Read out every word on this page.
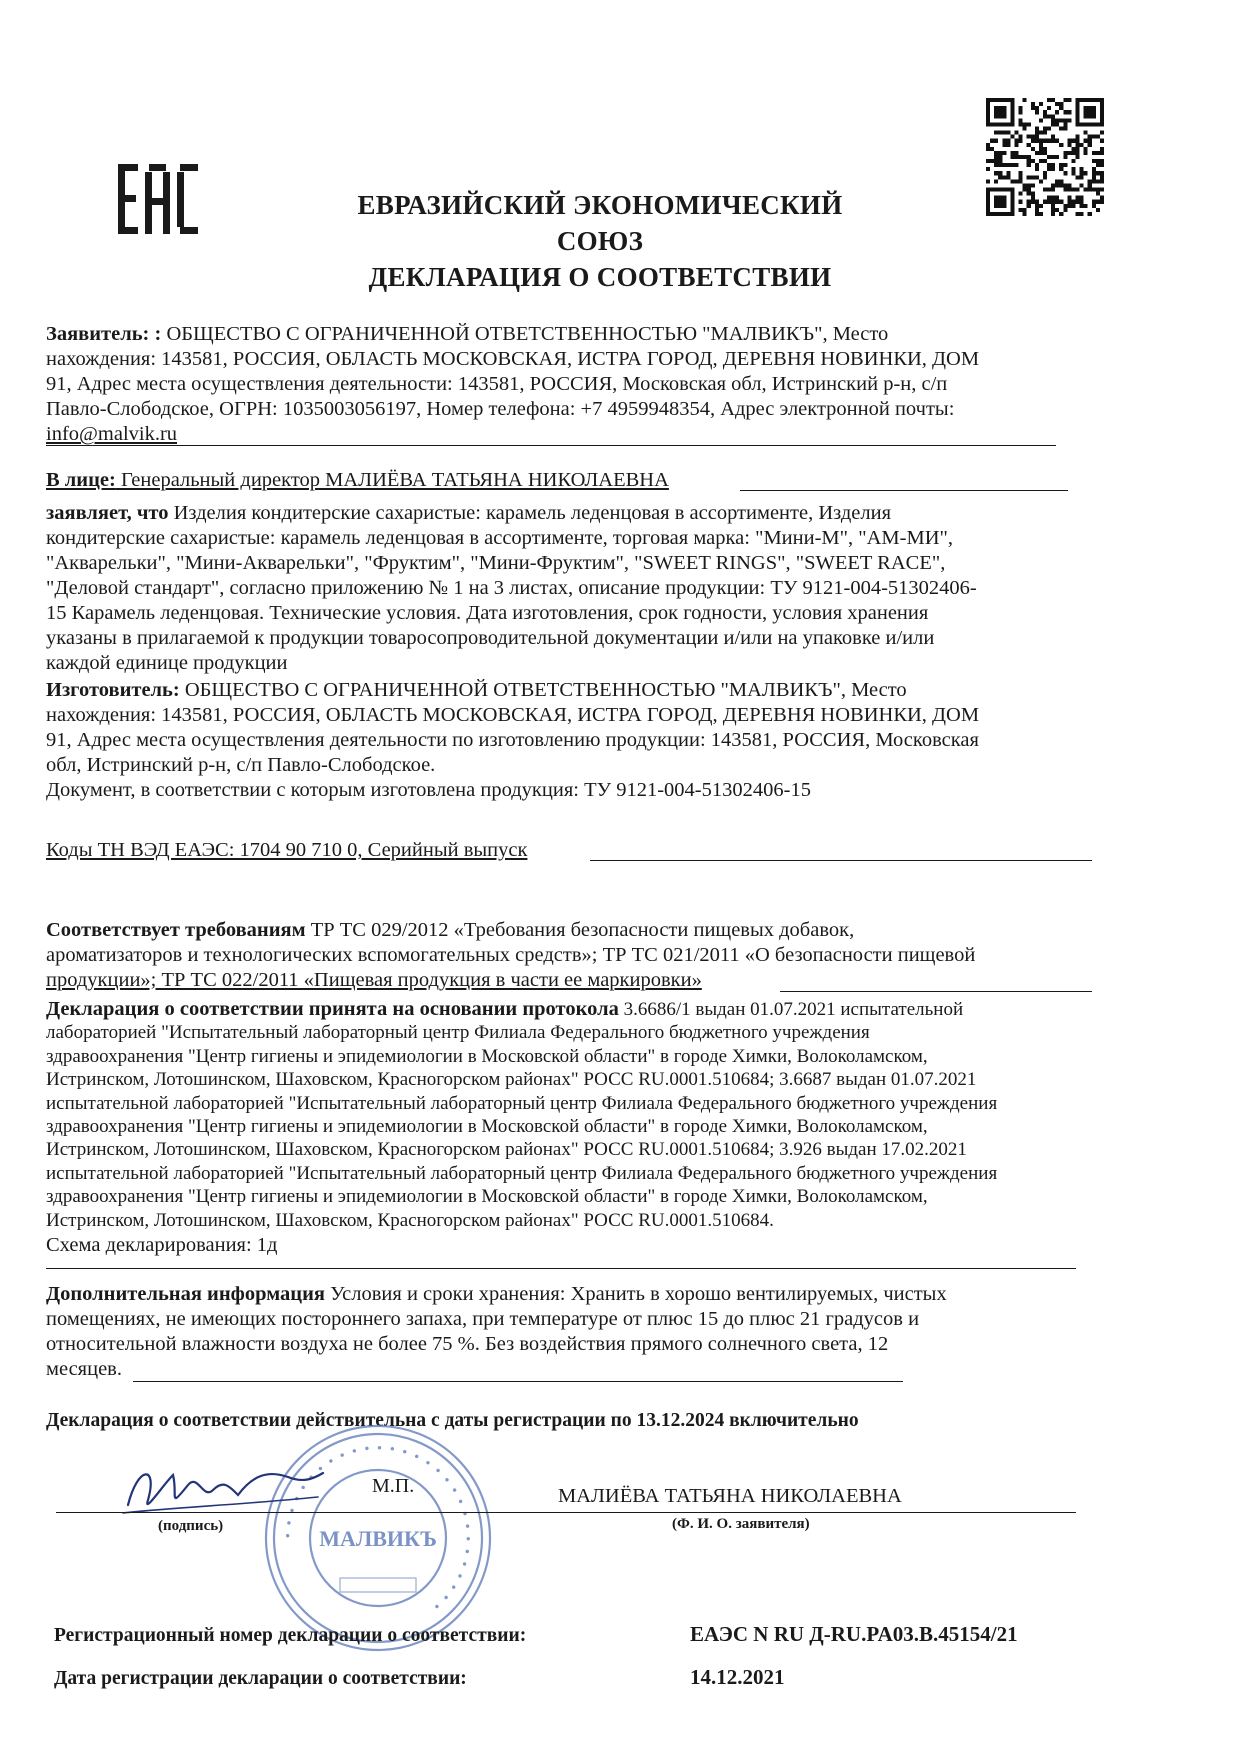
ЕВРАЗИЙСКИЙ ЭКОНОМИЧЕСКИЙ
СОЮЗ
ДЕКЛАРАЦИЯ О СООТВЕТСТВИИ
Заявитель: : ОБЩЕСТВО С ОГРАНИЧЕННОЙ ОТВЕТСТВЕННОСТЬЮ "МАЛВИКЪ", Место
нахождения: 143581, РОССИЯ, ОБЛАСТЬ МОСКОВСКАЯ, ИСТРА ГОРОД, ДЕРЕВНЯ НОВИНКИ, ДОМ
91, Адрес места осуществления деятельности: 143581, РОССИЯ, Московская обл, Истринский р-н, с/п
Павло-Слободское, ОГРН: 1035003056197, Номер телефона: +7 4959948354, Адрес электронной почты:
info@malvik.ru
В лице: Генеральный директор МАЛИЁВА ТАТЬЯНА НИКОЛАЕВНА
заявляет, что Изделия кондитерские сахаристые: карамель леденцовая в ассортименте, Изделия
кондитерские сахаристые: карамель леденцовая в ассортименте, торговая марка: "Мини-М", "АМ-МИ",
"Акварельки", "Мини-Акварельки", "Фруктим", "Мини-Фруктим", "SWEET RINGS", "SWEET RACE",
"Деловой стандарт", согласно приложению № 1 на 3 листах, описание продукции: ТУ 9121-004-51302406-
15 Карамель леденцовая. Технические условия. Дата изготовления, срок годности, условия хранения
указаны в прилагаемой к продукции товаросопроводительной документации и/или на упаковке и/или
каждой единице продукции
Изготовитель: ОБЩЕСТВО С ОГРАНИЧЕННОЙ ОТВЕТСТВЕННОСТЬЮ "МАЛВИКЪ", Место
нахождения: 143581, РОССИЯ, ОБЛАСТЬ МОСКОВСКАЯ, ИСТРА ГОРОД, ДЕРЕВНЯ НОВИНКИ, ДОМ
91, Адрес места осуществления деятельности по изготовлению продукции: 143581, РОССИЯ, Московская
обл, Истринский р-н, с/п Павло-Слободское.
Документ, в соответствии с которым изготовлена продукция: ТУ 9121-004-51302406-15
Коды ТН ВЭД ЕАЭС: 1704 90 710 0, Серийный выпуск
Соответствует требованиям ТР ТС 029/2012 «Требования безопасности пищевых добавок,
ароматизаторов и технологических вспомогательных средств»; ТР ТС 021/2011 «О безопасности пищевой
продукции»; ТР ТС 022/2011 «Пищевая продукция в части ее маркировки»
Декларация о соответствии принята на основании протокола 3.6686/1 выдан 01.07.2021 испытательной
лабораторией "Испытательный лабораторный центр Филиала Федерального бюджетного учреждения
здравоохранения "Центр гигиены и эпидемиологии в Московской области" в городе Химки, Волоколамском,
Истринском, Лотошинском, Шаховском, Красногорском районах" РОСС RU.0001.510684; 3.6687 выдан 01.07.2021
испытательной лабораторией "Испытательный лабораторный центр Филиала Федерального бюджетного учреждения
здравоохранения "Центр гигиены и эпидемиологии в Московской области" в городе Химки, Волоколамском,
Истринском, Лотошинском, Шаховском, Красногорском районах" РОСС RU.0001.510684; 3.926 выдан 17.02.2021
испытательной лабораторией "Испытательный лабораторный центр Филиала Федерального бюджетного учреждения
здравоохранения "Центр гигиены и эпидемиологии в Московской области" в городе Химки, Волоколамском,
Истринском, Лотошинском, Шаховском, Красногорском районах" РОСС RU.0001.510684.
Схема декларирования: 1д
Дополнительная информация Условия и сроки хранения: Хранить в хорошо вентилируемых, чистых
помещениях, не имеющих постороннего запаха, при температуре от плюс 15 до плюс 21 градусов и
относительной влажности воздуха не более 75 %. Без воздействия прямого солнечного света, 12
месяцев.
Декларация о соответствии действительна с даты регистрации по 13.12.2024 включительно
• • • • • • • • • • • • • • • • • • • • • • • • • • • • •
МАЛВИКЪ
М.П.	МАЛИЁВА ТАТЬЯНА НИКОЛАЕВНА
(подпись)	(Ф. И. О. заявителя)
Регистрационный номер декларации о соответствии:	ЕАЭС N RU Д-RU.PA03.B.45154/21
Дата регистрации декларации о соответствии:	14.12.2021
